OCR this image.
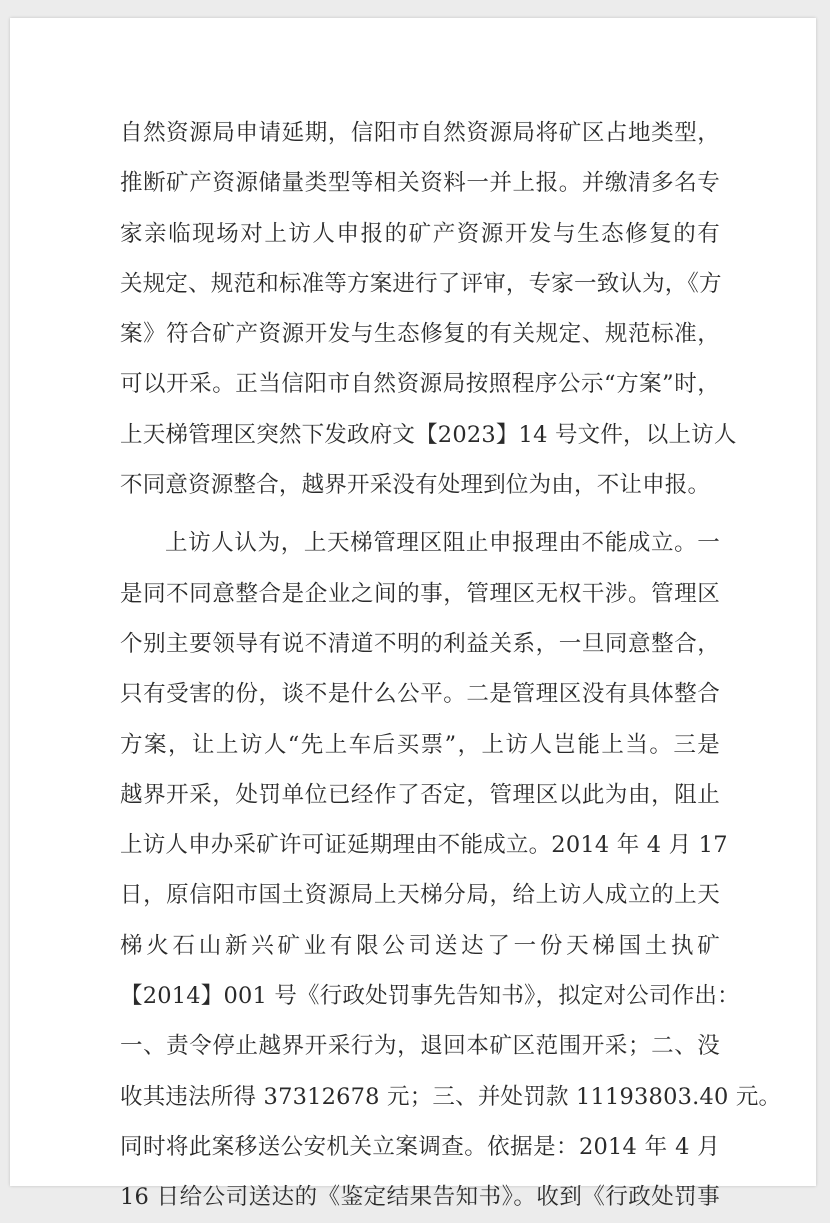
自然资源局申请延期，信阳市自然资源局将矿区占地类型，
推断矿产资源储量类型等相关资料一并上报。并缴清多名专
家亲临现场对上访人申报的矿产资源开发与生态修复的有
关规定、规范和标准等方案进行了评审，专家一致认为，《方
案》符合矿产资源开发与生态修复的有关规定、规范标准，
可以开采。正当信阳市自然资源局按照程序公示“方案”时，
上天梯管理区突然下发政府文【2023】14 号文件，以上访人
不同意资源整合，越界开采没有处理到位为由，不让申报。
上访人认为，上天梯管理区阻止申报理由不能成立。一
是同不同意整合是企业之间的事，管理区无权干涉。管理区
个别主要领导有说不清道不明的利益关系，一旦同意整合，
只有受害的份，谈不是什么公平。二是管理区没有具体整合
方案，让上访人“先上车后买票”，上访人岂能上当。三是
越界开采，处罚单位已经作了否定，管理区以此为由，阻止
上访人申办采矿许可证延期理由不能成立。2014 年 4 月 17
日，原信阳市国土资源局上天梯分局，给上访人成立的上天
梯火石山新兴矿业有限公司送达了一份天梯国土执矿
【2014】001 号《行政处罚事先告知书》，拟定对公司作出：
一、责令停止越界开采行为，退回本矿区范围开采；二、没
收其违法所得 37312678 元；三、并处罚款 11193803.40 元。
同时将此案移送公安机关立案调查。依据是：2014 年 4 月
16 日给公司送达的《鉴定结果告知书》。收到《行政处罚事
